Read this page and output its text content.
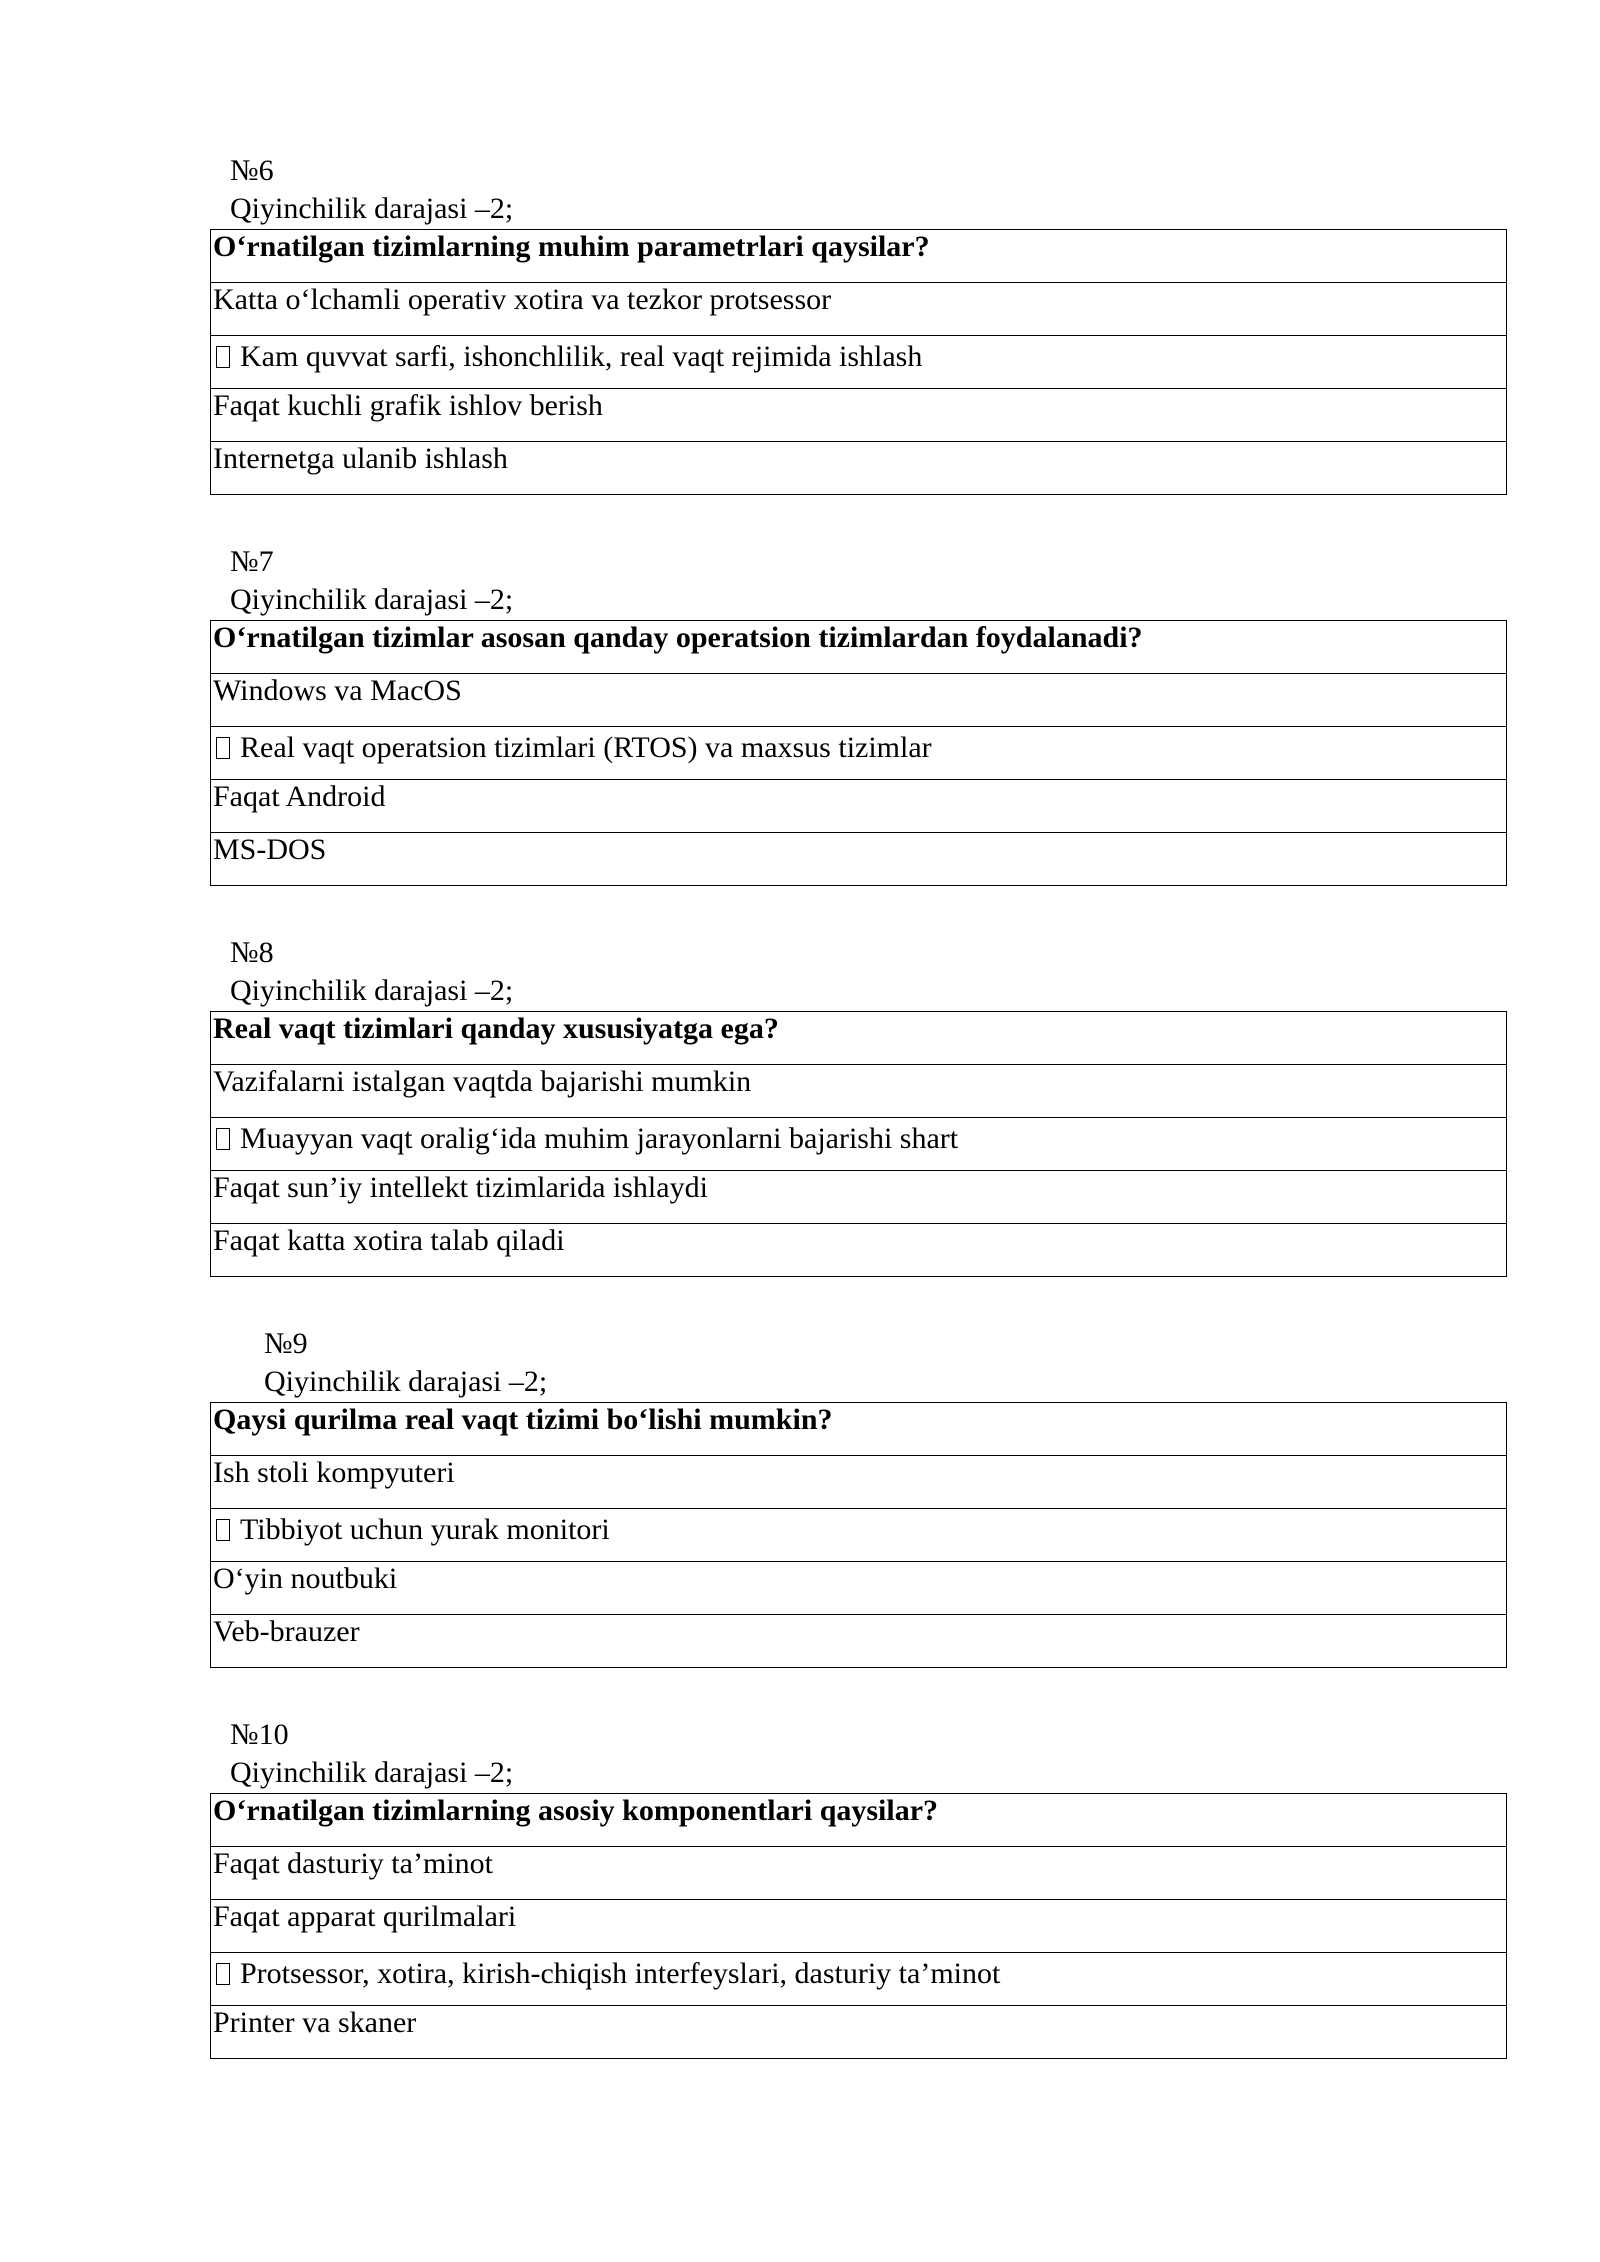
№6
Qiyinchilik darajasi –2;
O‘rnatilgan tizimlarning muhim parametrlari qaysilar?
Katta o‘lchamli operativ xotira va tezkor protsessor
Kam quvvat sarfi, ishonchlilik, real vaqt rejimida ishlash
Faqat kuchli grafik ishlov berish
Internetga ulanib ishlash
№7
Qiyinchilik darajasi –2;
O‘rnatilgan tizimlar asosan qanday operatsion tizimlardan foydalanadi?
Windows va MacOS
Real vaqt operatsion tizimlari (RTOS) va maxsus tizimlar
Faqat Android
MS-DOS
№8
Qiyinchilik darajasi –2;
Real vaqt tizimlari qanday xususiyatga ega?
Vazifalarni istalgan vaqtda bajarishi mumkin
Muayyan vaqt oralig‘ida muhim jarayonlarni bajarishi shart
Faqat sun’iy intellekt tizimlarida ishlaydi
Faqat katta xotira talab qiladi
№9
Qiyinchilik darajasi –2;
Qaysi qurilma real vaqt tizimi bo‘lishi mumkin?
Ish stoli kompyuteri
Tibbiyot uchun yurak monitori
O‘yin noutbuki
Veb-brauzer
№10
Qiyinchilik darajasi –2;
O‘rnatilgan tizimlarning asosiy komponentlari qaysilar?
Faqat dasturiy ta’minot
Faqat apparat qurilmalari
Protsessor, xotira, kirish-chiqish interfeyslari, dasturiy ta’minot
Printer va skaner
